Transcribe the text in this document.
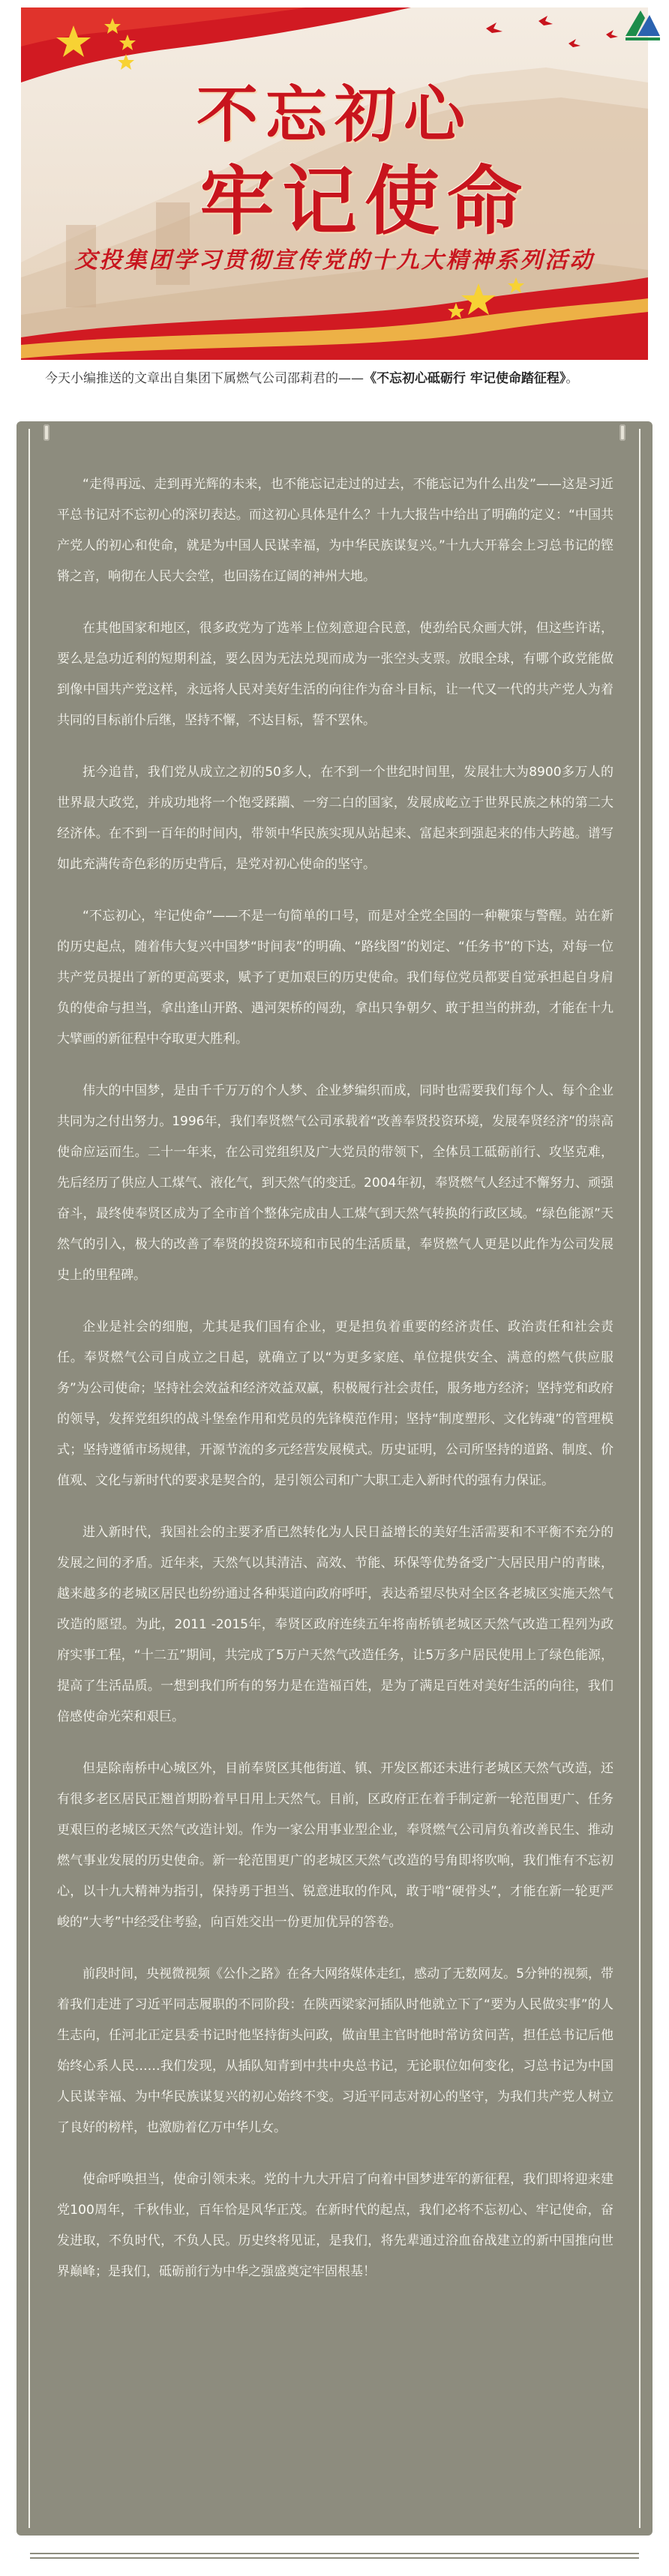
不忘初心
牢记使命
交投集团学习贯彻宣传党的十九大精神系列活动
今天小编推送的文章出自集团下属燃气公司邵莉君的——《不忘初心砥砺行 牢记使命踏征程》。

“走得再远、走到再光辉的未来，也不能忘记走过的过去，不能忘记为什么出发”——这是习近平总书记对不忘初心的深切表达。而这初心具体是什么？十九大报告中给出了明确的定义：“中国共产党人的初心和使命，就是为中国人民谋幸福，为中华民族谋复兴。”十九大开幕会上习总书记的铿锵之音，响彻在人民大会堂，也回荡在辽阔的神州大地。

在其他国家和地区，很多政党为了选举上位刻意迎合民意，使劲给民众画大饼，但这些许诺，要么是急功近利的短期利益，要么因为无法兑现而成为一张空头支票。放眼全球，有哪个政党能做到像中国共产党这样，永远将人民对美好生活的向往作为奋斗目标，让一代又一代的共产党人为着共同的目标前仆后继，坚持不懈，不达目标，誓不罢休。

抚今追昔，我们党从成立之初的50多人，在不到一个世纪时间里，发展壮大为8900多万人的世界最大政党，并成功地将一个饱受蹂躏、一穷二白的国家，发展成屹立于世界民族之林的第二大经济体。在不到一百年的时间内，带领中华民族实现从站起来、富起来到强起来的伟大跨越。谱写如此充满传奇色彩的历史背后，是党对初心使命的坚守。

“不忘初心，牢记使命”——不是一句简单的口号，而是对全党全国的一种鞭策与警醒。站在新的历史起点，随着伟大复兴中国梦“时间表”的明确、“路线图”的划定、“任务书”的下达，对每一位共产党员提出了新的更高要求，赋予了更加艰巨的历史使命。我们每位党员都要自觉承担起自身肩负的使命与担当，拿出逢山开路、遇河架桥的闯劲，拿出只争朝夕、敢于担当的拼劲，才能在十九大擘画的新征程中夺取更大胜利。

伟大的中国梦，是由千千万万的个人梦、企业梦编织而成，同时也需要我们每个人、每个企业共同为之付出努力。1996年，我们奉贤燃气公司承载着“改善奉贤投资环境，发展奉贤经济”的崇高使命应运而生。二十一年来，在公司党组织及广大党员的带领下，全体员工砥砺前行、攻坚克难，先后经历了供应人工煤气、液化气，到天然气的变迁。2004年初，奉贤燃气人经过不懈努力、顽强奋斗，最终使奉贤区成为了全市首个整体完成由人工煤气到天然气转换的行政区域。“绿色能源”天然气的引入，极大的改善了奉贤的投资环境和市民的生活质量，奉贤燃气人更是以此作为公司发展史上的里程碑。

企业是社会的细胞，尤其是我们国有企业，更是担负着重要的经济责任、政治责任和社会责任。奉贤燃气公司自成立之日起，就确立了以“为更多家庭、单位提供安全、满意的燃气供应服务”为公司使命；坚持社会效益和经济效益双赢，积极履行社会责任，服务地方经济；坚持党和政府的领导，发挥党组织的战斗堡垒作用和党员的先锋模范作用；坚持“制度塑形、文化铸魂”的管理模式；坚持遵循市场规律，开源节流的多元经营发展模式。历史证明，公司所坚持的道路、制度、价值观、文化与新时代的要求是契合的，是引领公司和广大职工走入新时代的强有力保证。

进入新时代，我国社会的主要矛盾已然转化为人民日益增长的美好生活需要和不平衡不充分的发展之间的矛盾。近年来，天然气以其清洁、高效、节能、环保等优势备受广大居民用户的青睐，越来越多的老城区居民也纷纷通过各种渠道向政府呼吁，表达希望尽快对全区各老城区实施天然气改造的愿望。为此，2011 -2015年，奉贤区政府连续五年将南桥镇老城区天然气改造工程列为政府实事工程，“十二五”期间，共完成了5万户天然气改造任务，让5万多户居民使用上了绿色能源，提高了生活品质。一想到我们所有的努力是在造福百姓，是为了满足百姓对美好生活的向往，我们倍感使命光荣和艰巨。

但是除南桥中心城区外，目前奉贤区其他街道、镇、开发区都还未进行老城区天然气改造，还有很多老区居民正翘首期盼着早日用上天然气。目前，区政府正在着手制定新一轮范围更广、任务更艰巨的老城区天然气改造计划。作为一家公用事业型企业，奉贤燃气公司肩负着改善民生、推动燃气事业发展的历史使命。新一轮范围更广的老城区天然气改造的号角即将吹响，我们惟有不忘初心，以十九大精神为指引，保持勇于担当、锐意进取的作风，敢于啃“硬骨头”，才能在新一轮更严峻的“大考”中经受住考验，向百姓交出一份更加优异的答卷。

前段时间，央视微视频《公仆之路》在各大网络媒体走红，感动了无数网友。5分钟的视频，带着我们走进了习近平同志履职的不同阶段：在陕西梁家河插队时他就立下了“要为人民做实事”的人生志向，任河北正定县委书记时他坚持街头问政，做亩里主官时他时常访贫问苦，担任总书记后他始终心系人民……我们发现，从插队知青到中共中央总书记，无论职位如何变化，习总书记为中国人民谋幸福、为中华民族谋复兴的初心始终不变。习近平同志对初心的坚守，为我们共产党人树立了良好的榜样，也激励着亿万中华儿女。

使命呼唤担当，使命引领未来。党的十九大开启了向着中国梦进军的新征程，我们即将迎来建党100周年，千秋伟业，百年恰是风华正茂。在新时代的起点，我们必将不忘初心、牢记使命，奋发进取，不负时代，不负人民。历史终将见证，是我们，将先辈通过浴血奋战建立的新中国推向世界巅峰；是我们，砥砺前行为中华之强盛奠定牢固根基！
